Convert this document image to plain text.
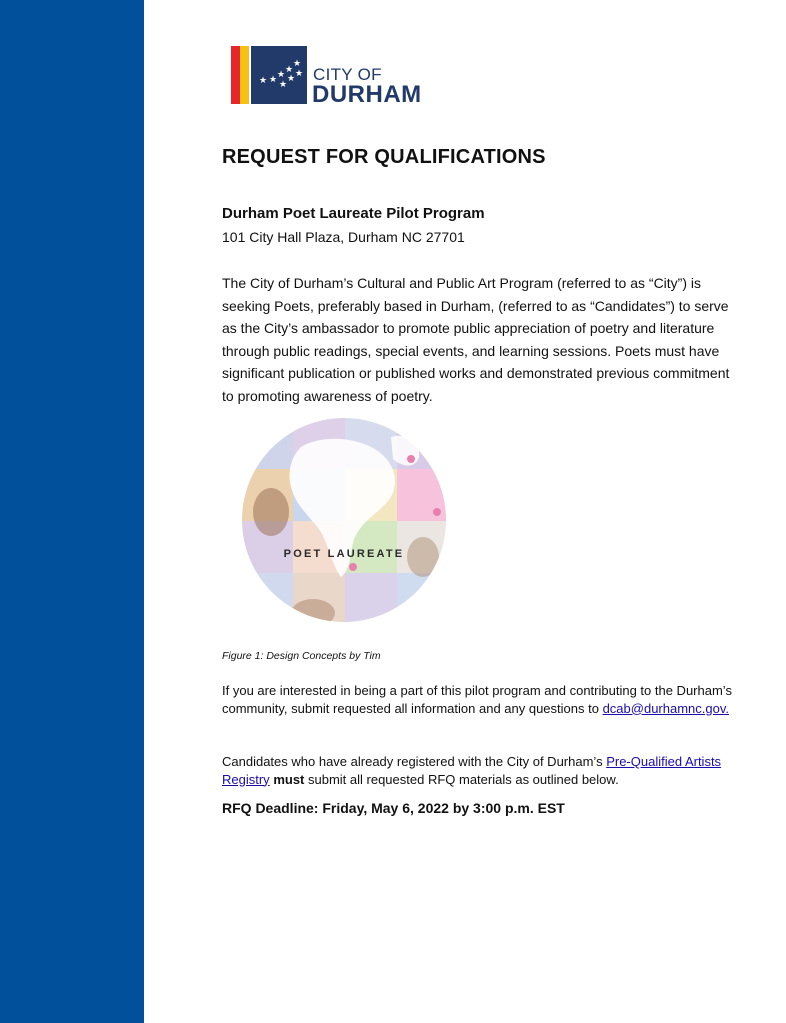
★
★ ★
★ ★
★
★ ★
CITY OF
DURHAM
REQUEST FOR QUALIFICATIONS
Durham Poet Laureate Pilot Program
101 City Hall Plaza, Durham NC 27701
The City of Durham’s Cultural and Public Art Program (referred to as “City”) is seeking Poets, preferably based in Durham, (referred to as “Candidates”) to serve as the City’s ambassador to promote public appreciation of poetry and literature through public readings, special events, and learning sessions. Poets must have significant publication or published works and demonstrated previous commitment to promoting awareness of poetry.
POET LAUREATE
Figure 1: Design Concepts by Tim
If you are interested in being a part of this pilot program and contributing to the Durham’s community, submit requested all information and any questions to dcab@durhamnc.gov.
Candidates who have already registered with the City of Durham’s Pre-Qualified Artists Registry must submit all requested RFQ materials as outlined below.
RFQ Deadline: Friday, May 6, 2022 by 3:00 p.m. EST
